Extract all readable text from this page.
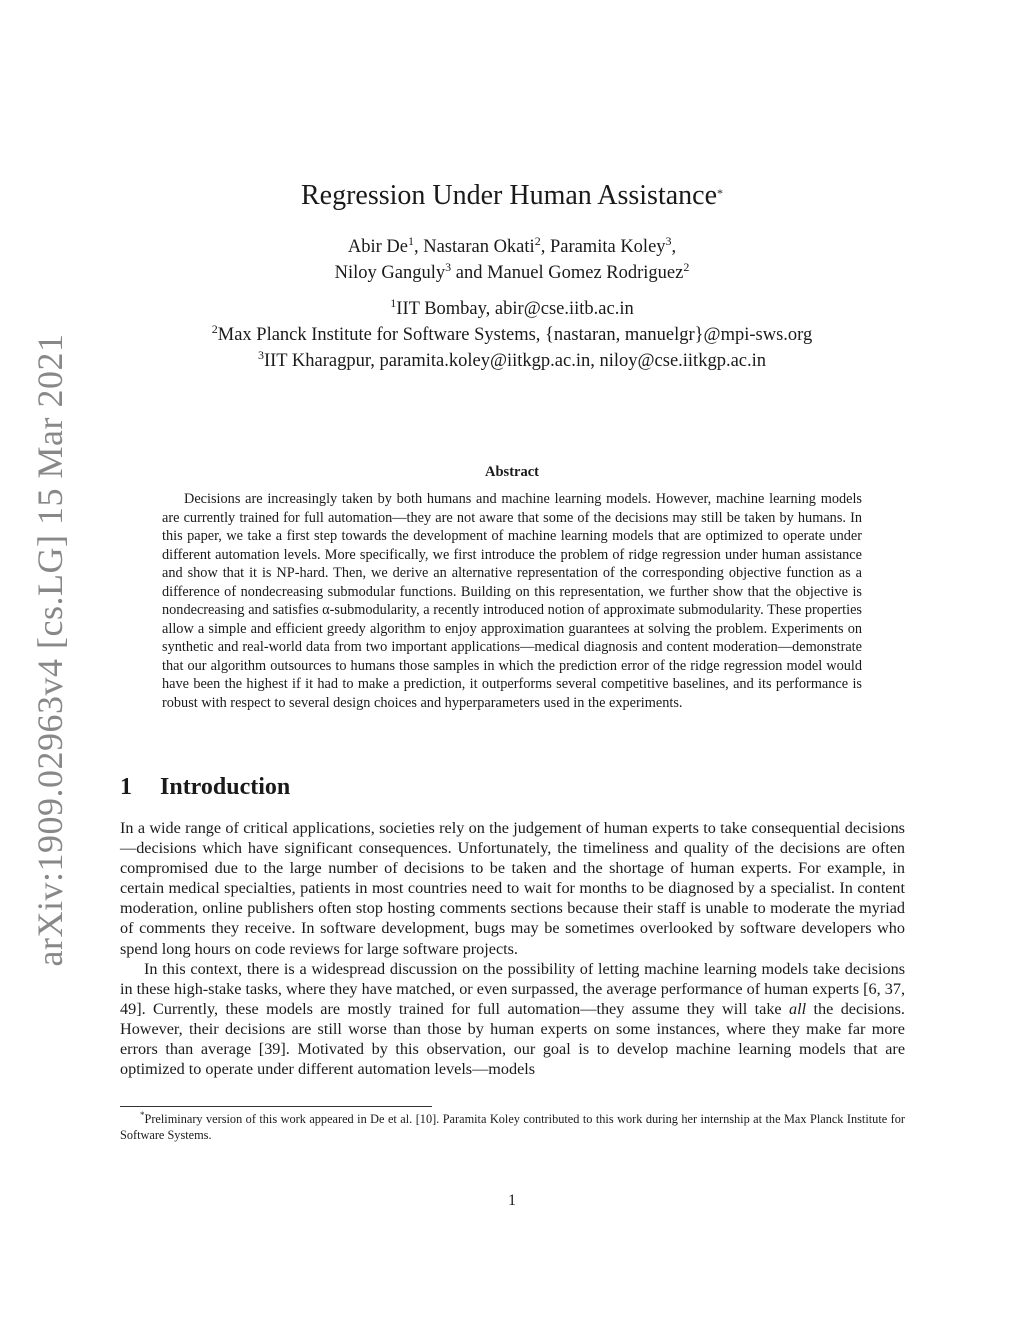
arXiv:1909.02963v4 [cs.LG] 15 Mar 2021
Regression Under Human Assistance*
Abir De$^1$, Nastaran Okati$^2$, Paramita Koley$^3$,
Niloy Ganguly$^3$ and Manuel Gomez Rodriguez$^2$
$^1$IIT Bombay, abir@cse.iitb.ac.in
$^2$Max Planck Institute for Software Systems, {nastaran, manuelgr}@mpi-sws.org
$^3$IIT Kharagpur, paramita.koley@iitkgp.ac.in, niloy@cse.iitkgp.ac.in
Abstract
Decisions are increasingly taken by both humans and machine learning models. However, machine learning models are currently trained for full automation—they are not aware that some of the decisions may still be taken by humans. In this paper, we take a first step towards the development of machine learning models that are optimized to operate under different automation levels. More specifically, we first introduce the problem of ridge regression under human assistance and show that it is NP-hard. Then, we derive an alternative representation of the corresponding objective function as a difference of nondecreasing submodular functions. Building on this representation, we further show that the objective is nondecreasing and satisfies α-submodularity, a recently introduced notion of approximate submodularity. These properties allow a simple and efficient greedy algorithm to enjoy approximation guarantees at solving the problem. Experiments on synthetic and real-world data from two important applications—medical diagnosis and content moderation—demonstrate that our algorithm outsources to humans those samples in which the prediction error of the ridge regression model would have been the highest if it had to make a prediction, it outperforms several competitive baselines, and its performance is robust with respect to several design choices and hyperparameters used in the experiments.
1 Introduction

In a wide range of critical applications, societies rely on the judgement of human experts to take consequential decisions—decisions which have significant consequences. Unfortunately, the timeliness and quality of the decisions are often compromised due to the large number of decisions to be taken and the shortage of human experts. For example, in certain medical specialties, patients in most countries need to wait for months to be diagnosed by a specialist. In content moderation, online publishers often stop hosting comments sections because their staff is unable to moderate the myriad of comments they receive. In software development, bugs may be sometimes overlooked by software developers who spend long hours on code reviews for large software projects.

In this context, there is a widespread discussion on the possibility of letting machine learning models take decisions in these high-stake tasks, where they have matched, or even surpassed, the average performance of human experts [6, 37, 49]. Currently, these models are mostly trained for full automation—they assume they will take all the decisions. However, their decisions are still worse than those by human experts on some instances, where they make far more errors than average [39]. Motivated by this observation, our goal is to develop machine learning models that are optimized to operate under different automation levels—models

*Preliminary version of this work appeared in De et al. [10]. Paramita Koley contributed to this work during her internship at the Max Planck Institute for Software Systems.
1
